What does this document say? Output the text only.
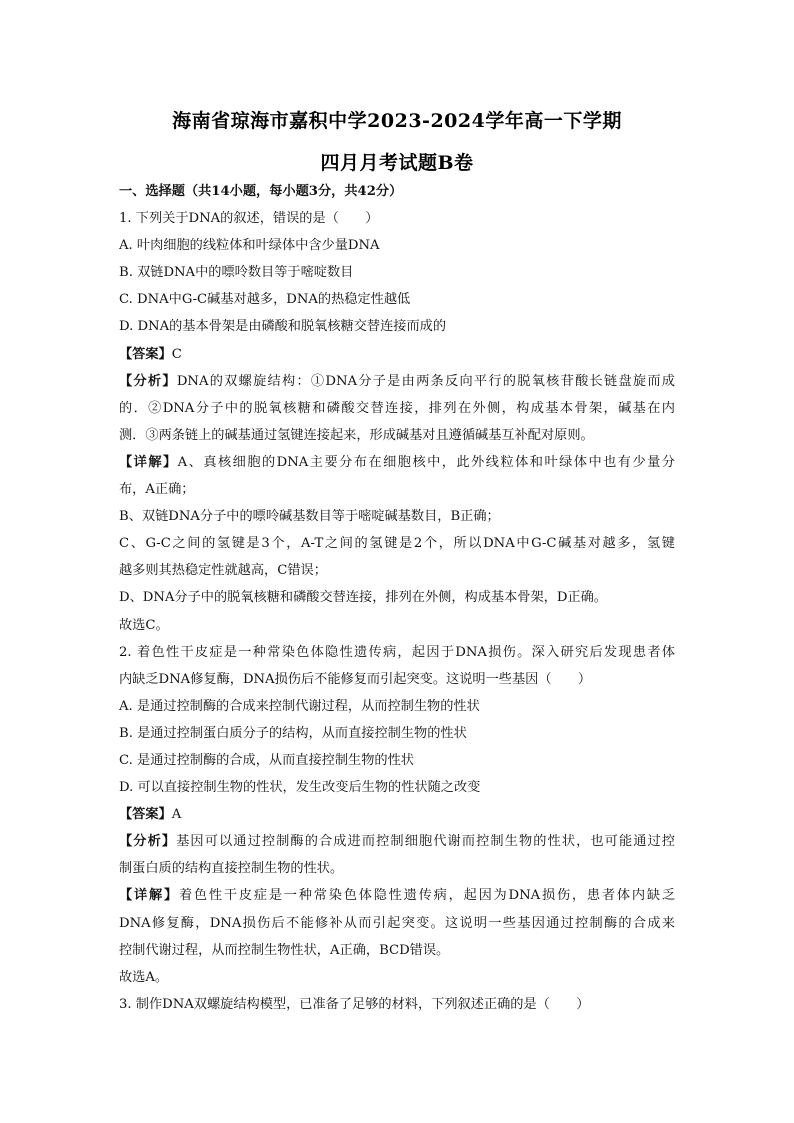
海南省琼海市嘉积中学2023-2024学年高一下学期
四月月考试题B卷
一、选择题（共14小题，每小题3分，共42分）
1. 下列关于DNA的叙述，错误的是（　　）
A. 叶肉细胞的线粒体和叶绿体中含少量DNA
B. 双链DNA中的嘌呤数目等于嘧啶数目
C. DNA中G-C碱基对越多，DNA的热稳定性越低
D. DNA的基本骨架是由磷酸和脱氧核糖交替连接而成的
【答案】C
【分析】DNA的双螺旋结构：①DNA分子是由两条反向平行的脱氧核苷酸长链盘旋而成
的．②DNA分子中的脱氧核糖和磷酸交替连接，排列在外侧，构成基本骨架，碱基在内
测．③两条链上的碱基通过氢键连接起来，形成碱基对且遵循碱基互补配对原则。
【详解】A、真核细胞的DNA主要分布在细胞核中，此外线粒体和叶绿体中也有少量分
布，A正确；
B、双链DNA分子中的嘌呤碱基数目等于嘧啶碱基数目，B正确；
C、G-C之间的氢键是3个，A-T之间的氢键是2个，所以DNA中G-C碱基对越多，氢键
越多则其热稳定性就越高，C错误；
D、DNA分子中的脱氧核糖和磷酸交替连接，排列在外侧，构成基本骨架，D正确。
故选C。
2. 着色性干皮症是一种常染色体隐性遗传病，起因于DNA损伤。深入研究后发现患者体
内缺乏DNA修复酶，DNA损伤后不能修复而引起突变。这说明一些基因（　　）
A. 是通过控制酶的合成来控制代谢过程，从而控制生物的性状
B. 是通过控制蛋白质分子的结构，从而直接控制生物的性状
C. 是通过控制酶的合成，从而直接控制生物的性状
D. 可以直接控制生物的性状，发生改变后生物的性状随之改变
【答案】A
【分析】基因可以通过控制酶的合成进而控制细胞代谢而控制生物的性状，也可能通过控
制蛋白质的结构直接控制生物的性状。
【详解】着色性干皮症是一种常染色体隐性遗传病，起因为DNA损伤，患者体内缺乏
DNA修复酶，DNA损伤后不能修补从而引起突变。这说明一些基因通过控制酶的合成来
控制代谢过程，从而控制生物性状，A正确，BCD错误。
故选A。
3. 制作DNA双螺旋结构模型，已准备了足够的材料，下列叙述正确的是（　　）
